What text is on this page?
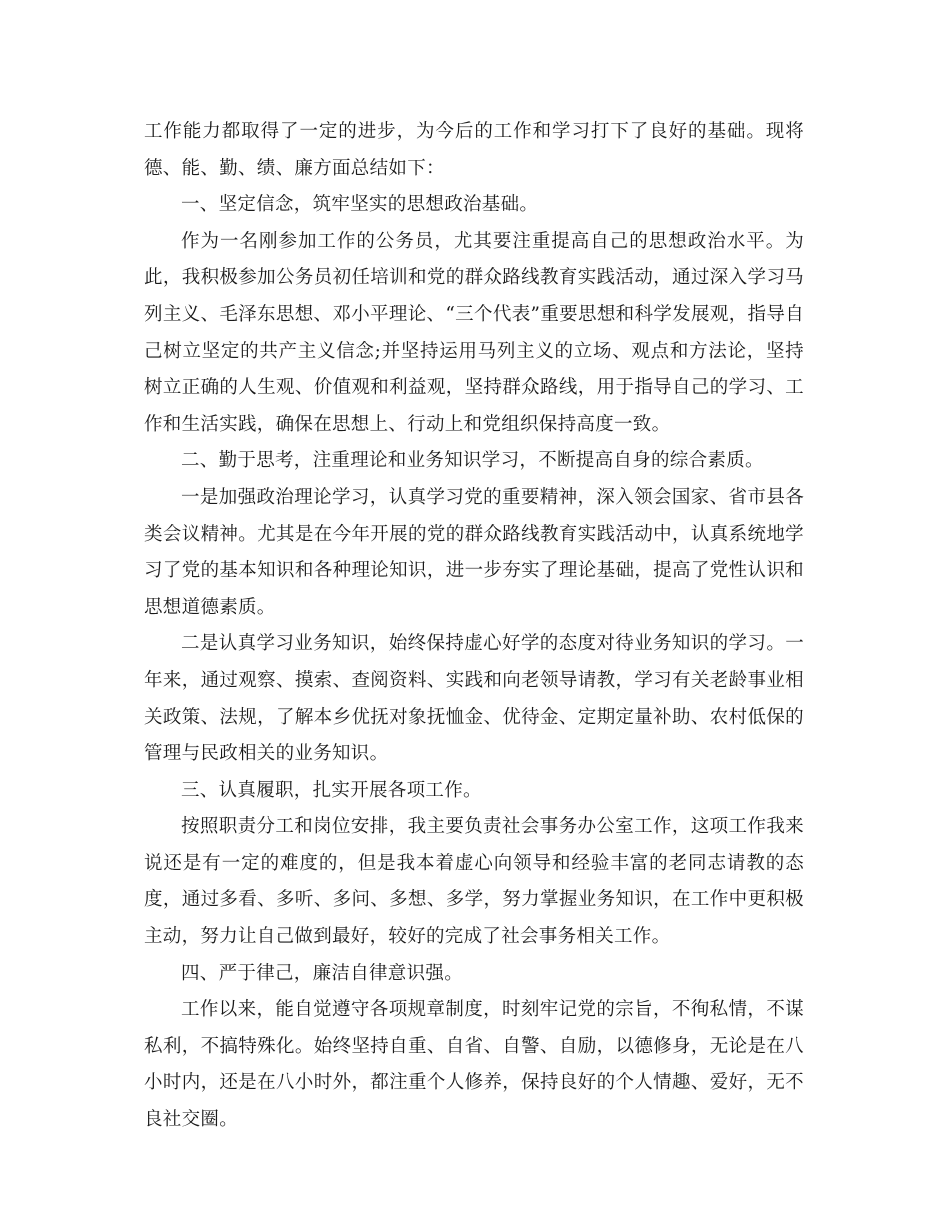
工作能力都取得了一定的进步，为今后的工作和学习打下了良好的基础。现将德、能、勤、绩、廉方面总结如下：

一、坚定信念，筑牢坚实的思想政治基础。

作为一名刚参加工作的公务员，尤其要注重提高自己的思想政治水平。为此，我积极参加公务员初任培训和党的群众路线教育实践活动，通过深入学习马列主义、毛泽东思想、邓小平理论、“三个代表”重要思想和科学发展观，指导自己树立坚定的共产主义信念;并坚持运用马列主义的立场、观点和方法论，坚持树立正确的人生观、价值观和利益观，坚持群众路线，用于指导自己的学习、工作和生活实践，确保在思想上、行动上和党组织保持高度一致。

二、勤于思考，注重理论和业务知识学习，不断提高自身的综合素质。

一是加强政治理论学习，认真学习党的重要精神，深入领会国家、省市县各类会议精神。尤其是在今年开展的党的群众路线教育实践活动中，认真系统地学习了党的基本知识和各种理论知识，进一步夯实了理论基础，提高了党性认识和思想道德素质。

二是认真学习业务知识，始终保持虚心好学的态度对待业务知识的学习。一年来，通过观察、摸索、查阅资料、实践和向老领导请教，学习有关老龄事业相关政策、法规，了解本乡优抚对象抚恤金、优待金、定期定量补助、农村低保的管理与民政相关的业务知识。

三、认真履职，扎实开展各项工作。

按照职责分工和岗位安排，我主要负责社会事务办公室工作，这项工作我来说还是有一定的难度的，但是我本着虚心向领导和经验丰富的老同志请教的态度，通过多看、多听、多问、多想、多学，努力掌握业务知识，在工作中更积极主动，努力让自己做到最好，较好的完成了社会事务相关工作。

四、严于律己，廉洁自律意识强。

工作以来，能自觉遵守各项规章制度，时刻牢记党的宗旨，不徇私情，不谋私利，不搞特殊化。始终坚持自重、自省、自警、自励，以德修身，无论是在八小时内，还是在八小时外，都注重个人修养，保持良好的个人情趣、爱好，无不良社交圈。
